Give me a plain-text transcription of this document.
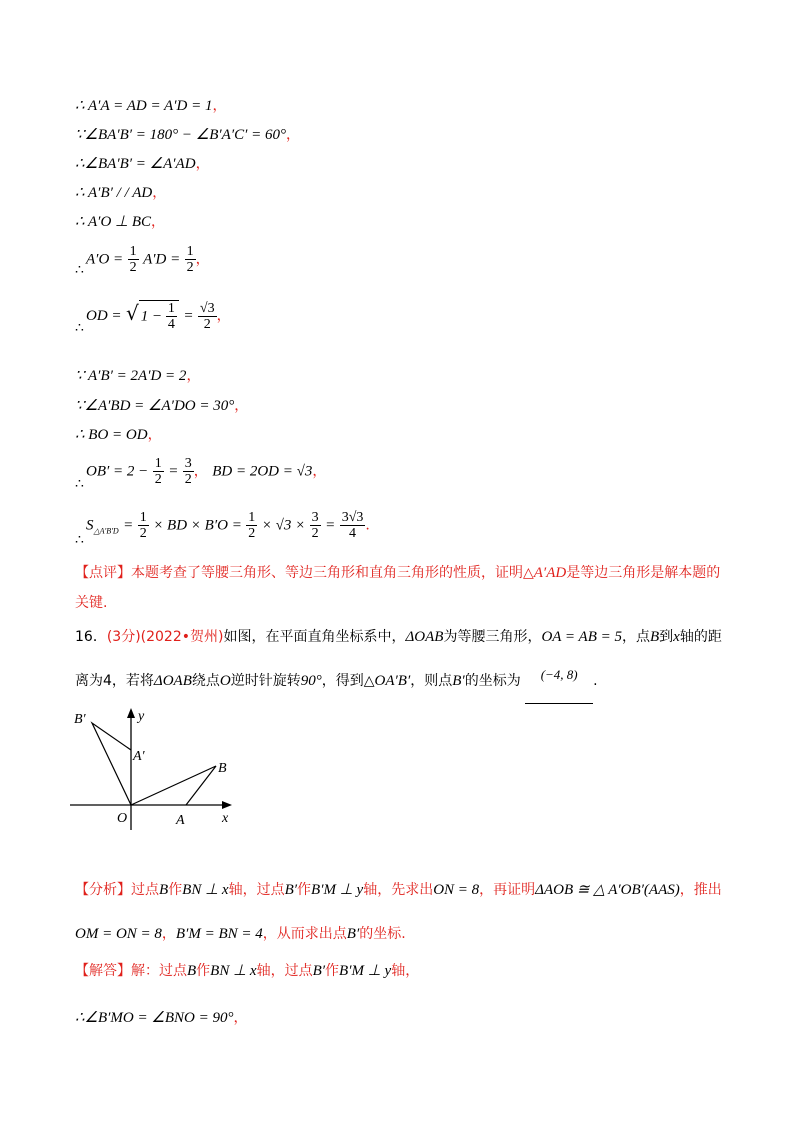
∴ A′A = AD = A′D = 1，
∵∠BA′B′ = 180° − ∠B′A′C′ = 60°，
∴∠BA′B′ = ∠A′AD，
∴ A′B′ / / AD，
∴ A′O ⊥ BC，
∴
$A'O = \frac{1}{2} A'D = \frac{1}{2}$ ，
∴
OD = √ $1 - \frac{1}{4} = \frac{√3}{2}$ ，
∵ A′B′ = 2A′D = 2，
∵∠A′BD = ∠A′DO = 30°，
∴ BO = OD，
∴
$OB' = 2 - \frac{1}{2} = \frac{3}{2}$ ， BD = 2OD = √3，
∴
$S_{\triangle A'B'D} = \frac{1}{2}$ × BD × $B'O = \frac{1}{2} \times √3 \times \frac{3}{2} = \frac{3√3}{4}$ .
【点评】本题考查了等腰三角形、等边三角形和直角三角形的性质，证明△A′AD是等边三角形是解本题的关键.
16．(3分)(2022•贺州)如图，在平面直角坐标系中，ΔOAB为等腰三角形，OA = AB = 5，点B到x轴的距离为4，若将ΔOAB绕点O逆时针旋转90°，得到△OA′B′，则点B′的坐标为 (−4, 8) .
B′
A′
B
O	A	x
y
【分析】过点B作BN ⊥ x轴，过点B′作B′M ⊥ y轴，先求出ON = 8，再证明ΔAOB ≅ △ A′OB′(AAS)，推出OM = ON = 8，B′M = BN = 4，从而求出点B′的坐标.
【解答】解：过点B作BN ⊥ x轴，过点B′作B′M ⊥ y轴，
∴∠B′MO = ∠BNO = 90°，
